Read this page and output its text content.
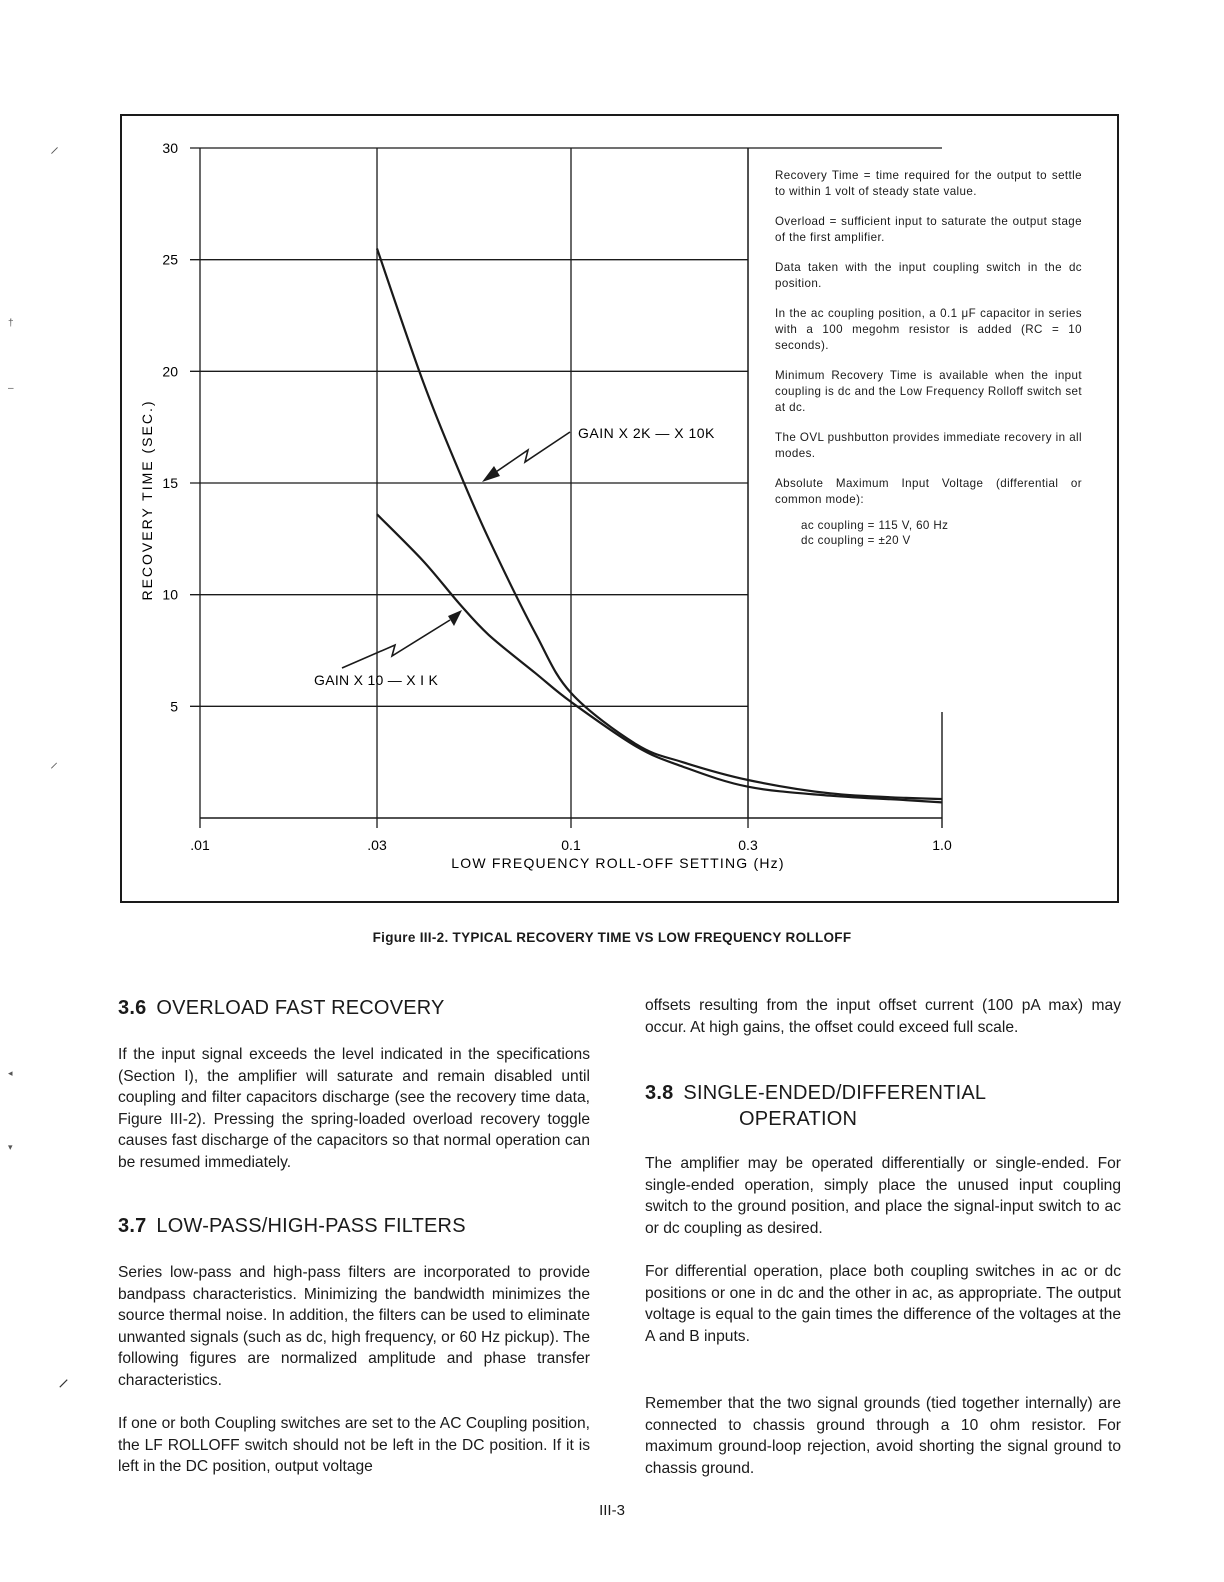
5
10
15
20
25
30
.01	.03	0.1	0.3	1.0
RECOVERY TIME (SEC.)
LOW FREQUENCY ROLL-OFF SETTING (Hz)
GAIN X 2K — X 10K
GAIN X 10 — X I K

Recovery Time = time required for the output to settle to within 1 volt of steady state value.

Overload = sufficient input to saturate the output stage of the first amplifier.

Data taken with the input coupling switch in the dc position.

In the ac coupling position, a 0.1 μF capacitor in series with a 100 megohm resistor is added (RC = 10 seconds).

Minimum Recovery Time is available when the input coupling is dc and the Low Frequency Rolloff switch set at dc.

The OVL pushbutton provides immediate recovery in all modes.

Absolute Maximum Input Voltage (differential or common mode):

ac coupling = 115 V, 60 Hz
dc coupling = ±20 V
Figure III-2. TYPICAL RECOVERY TIME VS LOW FREQUENCY ROLLOFF
3.6 OVERLOAD FAST RECOVERY
If the input signal exceeds the level indicated in the specifications (Section I), the amplifier will saturate and remain disabled until coupling and filter capacitors discharge (see the recovery time data, Figure III-2). Pressing the spring-loaded overload recovery toggle causes fast discharge of the capacitors so that normal operation can be resumed immediately.
3.7 LOW-PASS/HIGH-PASS FILTERS
Series low-pass and high-pass filters are incorporated to provide bandpass characteristics. Minimizing the bandwidth minimizes the source thermal noise. In addition, the filters can be used to eliminate unwanted signals (such as dc, high frequency, or 60 Hz pickup). The following figures are normalized amplitude and phase transfer characteristics.
If one or both Coupling switches are set to the AC Coupling position, the LF ROLLOFF switch should not be left in the DC position. If it is left in the DC position, output voltage
offsets resulting from the input offset current (100 pA max) may occur. At high gains, the offset could exceed full scale.
3.8 SINGLE-ENDED/DIFFERENTIAL
OPERATION
The amplifier may be operated differentially or single-ended. For single-ended operation, simply place the unused input coupling switch to the ground position, and place the signal-input switch to ac or dc coupling as desired.
For differential operation, place both coupling switches in ac or dc positions or one in dc and the other in ac, as appropriate. The output voltage is equal to the gain times the difference of the voltages at the A and B inputs.
Remember that the two signal grounds (tied together internally) are connected to chassis ground through a 10 ohm resistor. For maximum ground-loop rejection, avoid shorting the signal ground to chassis ground.
III-3
⸍
†
–
⸍
◂
▾
⸍
